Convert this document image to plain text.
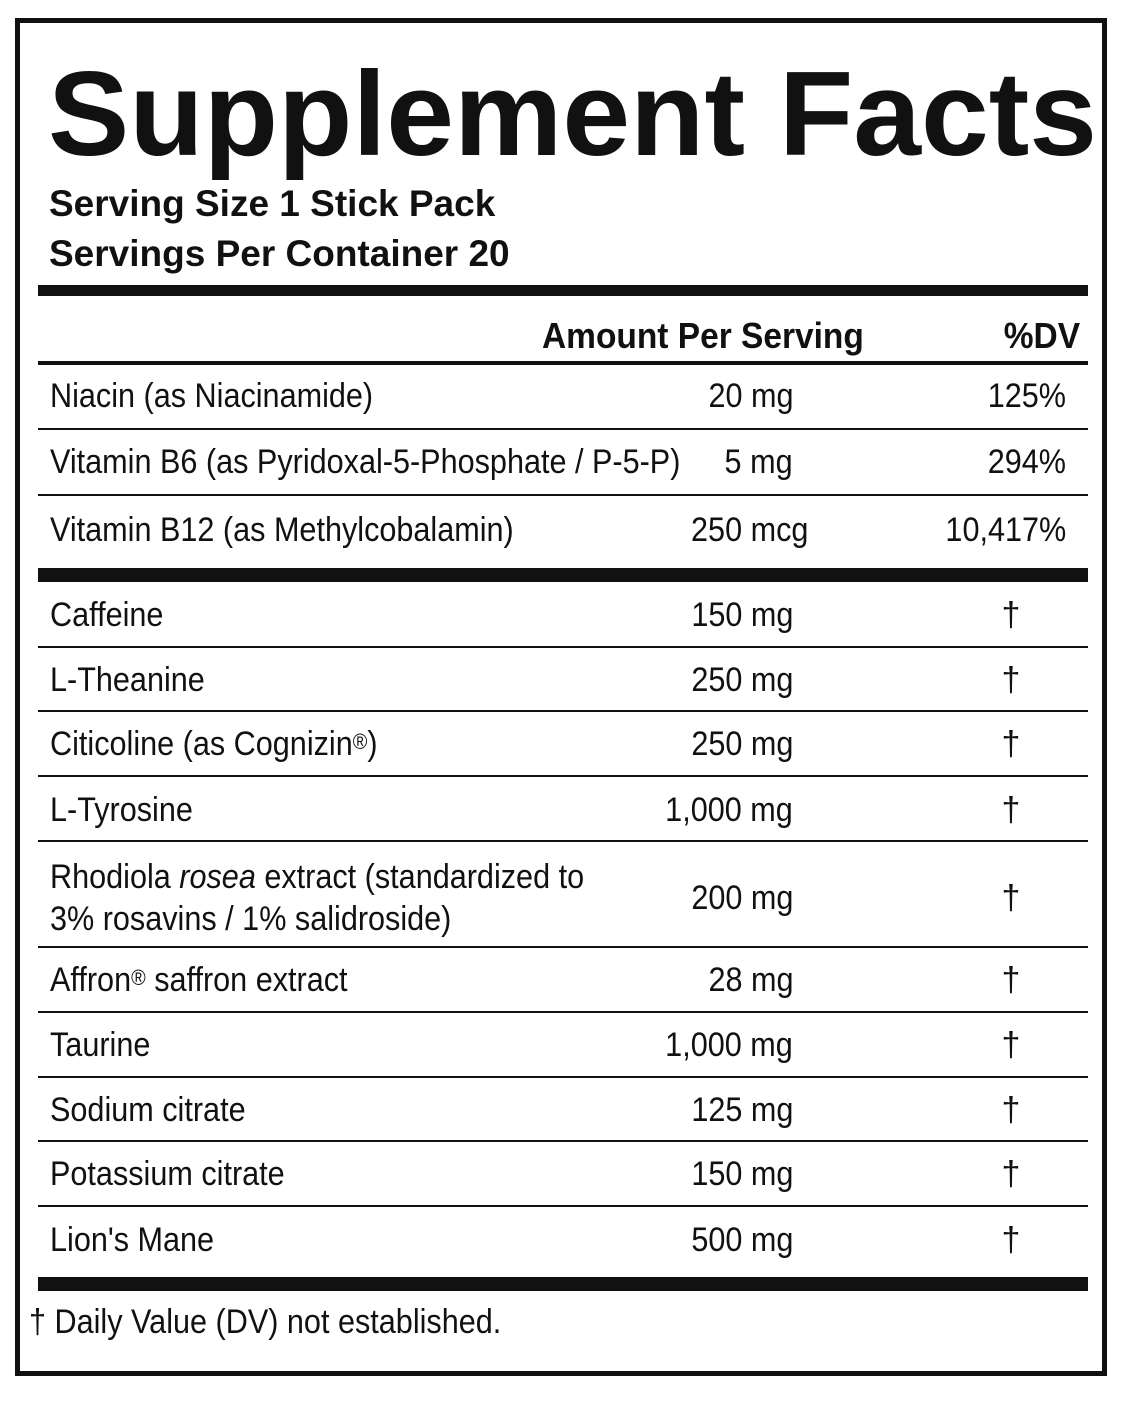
Supplement Facts
Serving Size 1 Stick Pack
Servings Per Container 20
Amount Per Serving	%DV
Niacin (as Niacinamide)	20 mg	125%
Vitamin B6 (as Pyridoxal-5-Phosphate / P-5-P) 5 mg	294%
Vitamin B12 (as Methylcobalamin)	250 mcg	10,417%
Caffeine	150 mg	†
L-Theanine	250 mg	†
Citicoline (as Cognizin®)	250 mg	†
L-Tyrosine	1,000 mg	†
Rhodiola rosea extract (standardized to
3% rosavins / 1% salidroside)
200 mg	†
Affron® saffron extract	28 mg	†
Taurine	1,000 mg	†
Sodium citrate	125 mg	†
Potassium citrate	150 mg	†
Lion's Mane	500 mg	†
† Daily Value (DV) not established.
